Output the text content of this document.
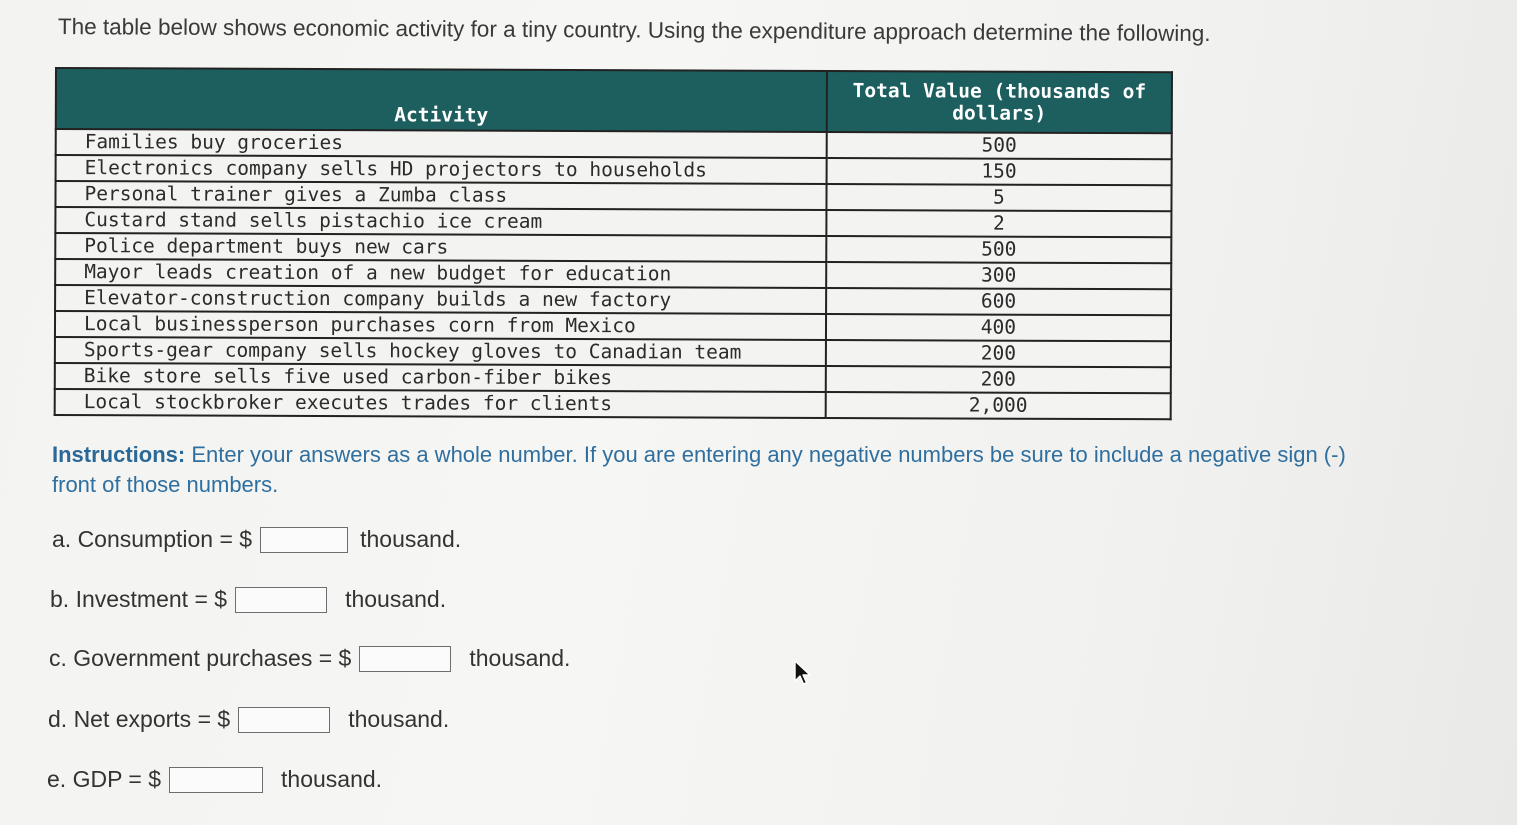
The table below shows economic activity for a tiny country. Using the expenditure approach determine the following.
Activity	Total Value (thousands of
dollars)
Families buy groceries	500
Electronics company sells HD projectors to households	150
Personal trainer gives a Zumba class	5
Custard stand sells pistachio ice cream	2
Police department buys new cars	500
Mayor leads creation of a new budget for education	300
Elevator-construction company builds a new factory	600
Local businessperson purchases corn from Mexico	400
Sports-gear company sells hockey gloves to Canadian team	200
Bike store sells five used carbon-fiber bikes	200
Local stockbroker executes trades for clients	2,000
Instructions: Enter your answers as a whole number. If you are entering any negative numbers be sure to include a negative sign (-)
front of those numbers.
a. Consumption = $	thousand.
b. Investment = $	thousand.
c. Government purchases = $	thousand.
d. Net exports = $	thousand.
e. GDP = $	thousand.
